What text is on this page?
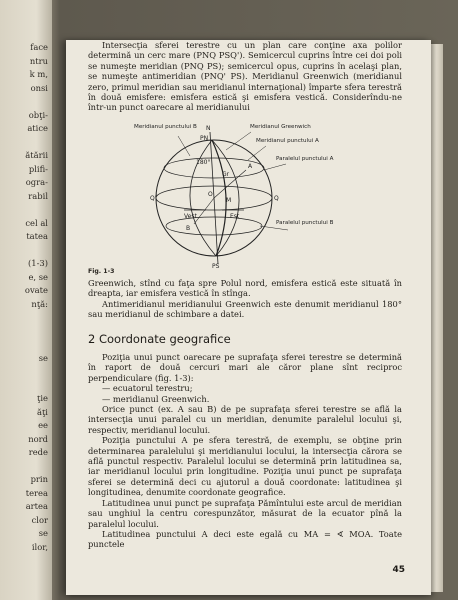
face
ntru
k m,
onsi
obţi-
atice
ătării
plifi-
ogra-
rabil
cel al
tatea
(1-3)
e, se
ovate
nţă:
se
ţie
ăţi
ee
nord
rede
prin
terea
artea
clor
se
ilor,

Intersecţia sferei terestre cu un plan care conţine axa polilor determină un cerc mare (PNQ PSQ'). Semicercul cuprins între cei doi poli se numeşte meridian (PNQ PS); semicercul opus, cuprins în acelaşi plan, se numeşte antimeridian (PNQ' PS). Meridianul Greenwich (meridianul zero, primul meridian sau meridianul internaţional) împarte sfera terestră în două emisfere: emisfera estică şi emisfera vestică. Considerîndu-ne într-un punct oarecare al meridianului

Meridianul punctului B	Meridianul Greenwich
Meridianul punctului A
Paralelul punctului A
Paralelul punctului B
N
PN
PS
Q'	Q
Gr
A
B
O
M
Vest	Est
180°
Fig. 1-3

Greenwich, stînd cu faţa spre Polul nord, emisfera estică este situată în dreapta, iar emisfera vestică în stînga.

Antimeridianul meridianului Greenwich este denumit meridianul 180° sau meridianul de schimbare a datei.

2 Coordonate geografice

Poziţia unui punct oarecare pe suprafaţa sferei terestre se determină în raport de două cercuri mari ale căror plane sînt reciproc perpendiculare (fig. 1-3):

— ecuatorul terestru;

— meridianul Greenwich.

Orice punct (ex. A sau B) de pe suprafaţa sferei terestre se află la intersecţia unui paralel cu un meridian, denumite paralelul locului şi, respectiv, meridianul locului.

Poziţia punctului A pe sfera terestră, de exemplu, se obţine prin determinarea paralelului şi meridianului locului, la intersecţia cărora se află punctul respectiv. Paralelul locului se determină prin latitudinea sa, iar meridianul locului prin longitudine. Poziţia unui punct pe suprafaţa sferei se determină deci cu ajutorul a două coordonate: latitudinea şi longitudinea, denumite coordonate geografice.

Latitudinea unui punct pe suprafaţa Pămîntului este arcul de meridian sau unghiul la centru corespunzător, măsurat de la ecuator pînă la paralelul locului.

Latitudinea punctului A deci este egală cu MA = ∢ MOA. Toate punctele

45
